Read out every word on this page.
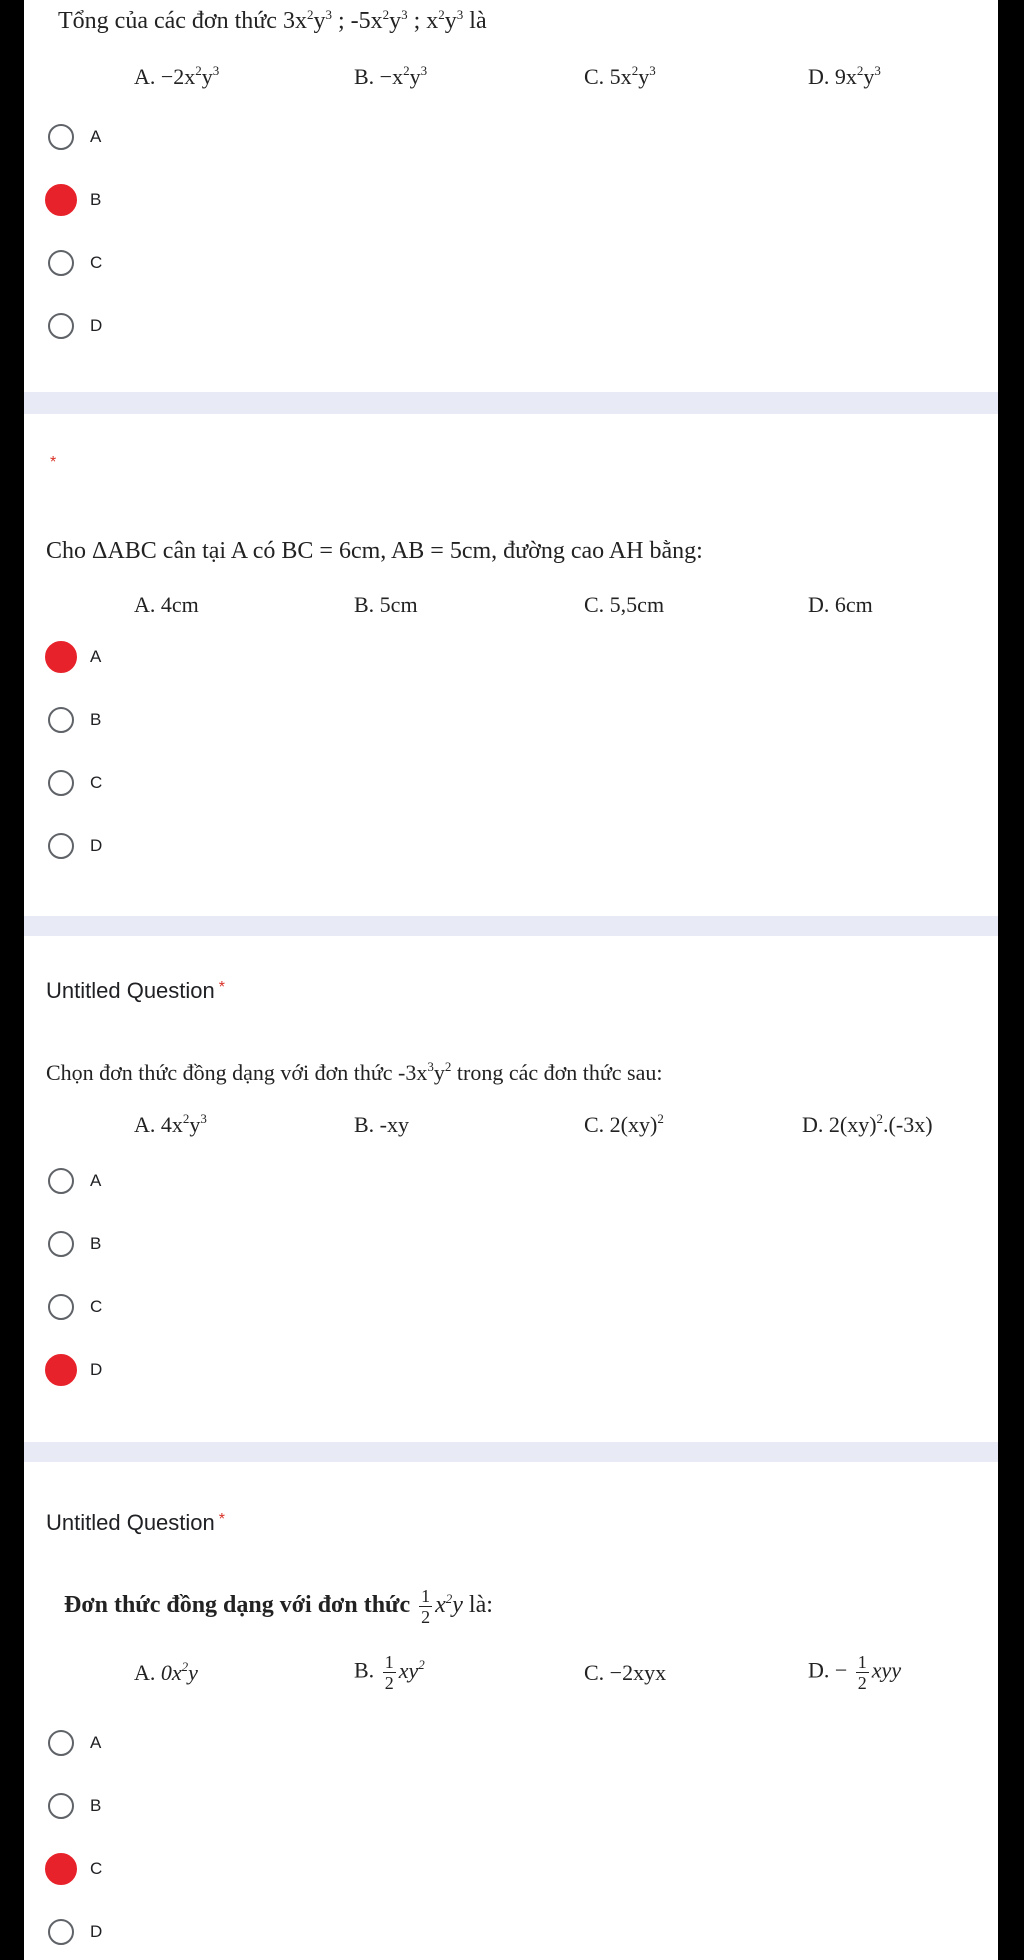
Tổng của các đơn thức $3x^2y^3$ ; $-5x^2y^3$ ; $x^2y^3$ là
A. $-2x^2y^3$	B. $-x^2y^3$	C. $5x^2y^3$	D. $9x^2y^3$
A
B
C
D
*
Cho ΔABC cân tại A có BC = 6cm, AB = 5cm, đường cao AH bằng:
A. 4cm	B. 5cm	C. 5,5cm	D. 6cm
A
B
C
D
Untitled Question *
Chọn đơn thức đồng dạng với đơn thức $-3x^3y^2$ trong các đơn thức sau:
A. $4x^2y^3$	B. -xy	C. 2(xy)$^2$	D. 2(xy)$^2$.(-3x)
A
B
C
D
Untitled Question *
Đơn thức đồng dạng với đơn thức $\frac{1}{2} x^2y$ là:
A. $0x^2y$	B. $\frac{1}{2} xy^2$	C. −2xyx	D. − $\frac{1}{2}$ xyy
A
B
C
D
